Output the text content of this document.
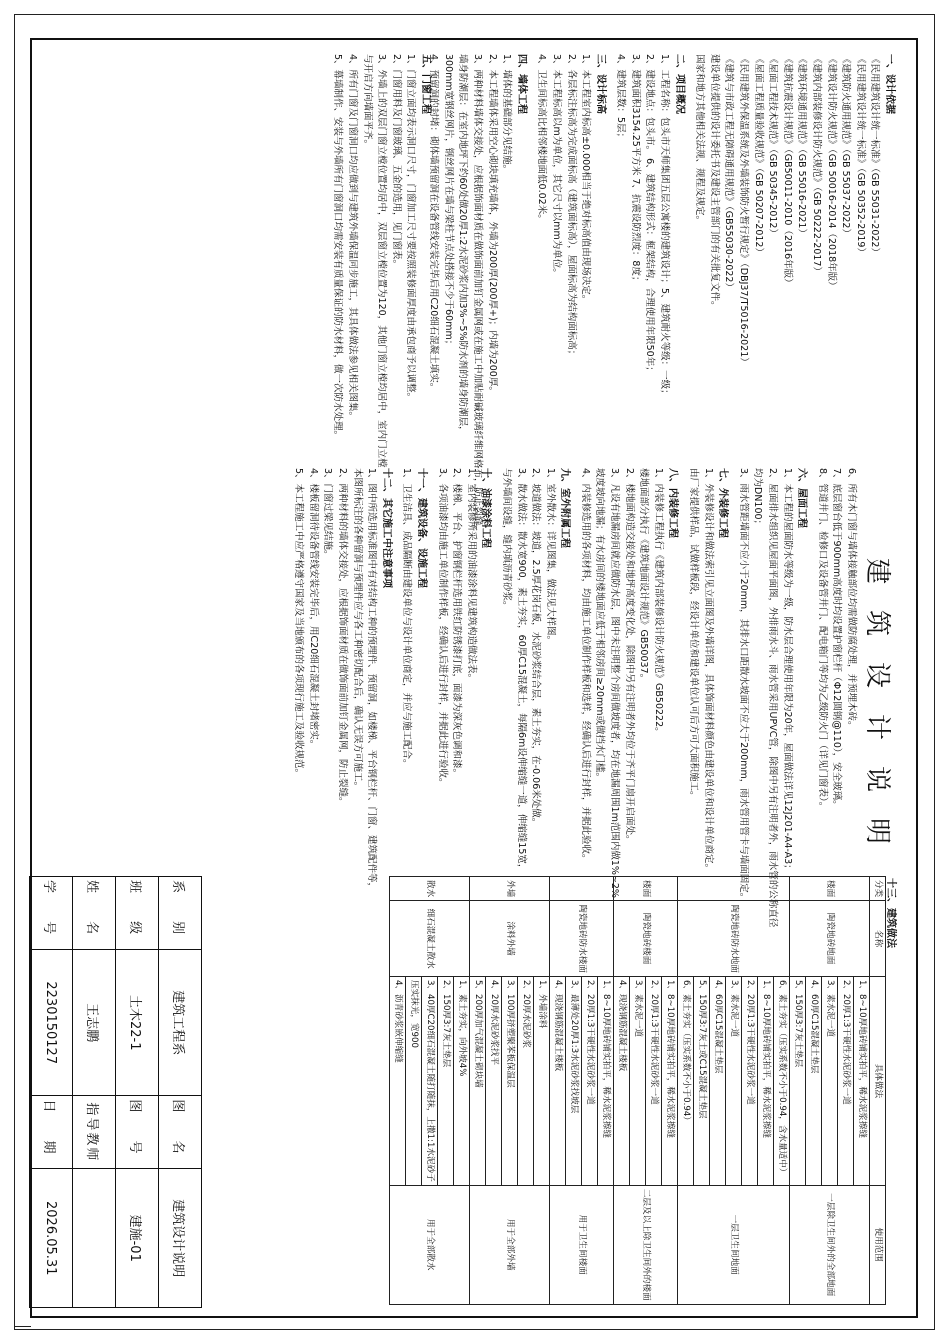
建筑设计说明

一、设计依据

《民用建筑设计统一标准》（GB 55031-2022）

《民用建筑设计统一标准》（GB 50352-2019）

《建筑防火通用规范》（GB 55037-2022）

《建筑设计防火规范》（GB 50016-2014（2018年版）

《建筑内部装修设计防火规范》（GB 50222-2017）

《建筑环境通用规范》（GB 55016-2021）

《建筑抗震设计规范》（GB50011-2010（2016年版）

《屋面工程技术规范》（GB 50345-2012）

《屋面工程质量验收规范》（GB 50207-2012）

《民用建筑外保温系统及外墙装饰防火暂行规定》（DBJ37/T5016-2021）

《建筑与市政工程无障碍通用规范》（GB55030-2022）

建设单位提供的设计委托书及建设主管部门的有关批复文件。

国家和地方其他相关法规、规程及规定。

二、项目概况

1、工程名称：包头市天师集团五层公寓楼的建筑设计；5、建筑耐火等级：一级；

2、建设地点：包头市。 6、建筑结构形式：框架结构，合理使用年限50年；

3、建筑面积3154.25平方米 7、抗震设防烈度：8度；

4、建筑层数：5层；

三、设计标高

1、本工程室内标高±0.000相当于绝对标高值由现场决定。

2、各层标注标高为完成面标高（建筑面标高），屋面标高为结构面标高；

3、本工程标高以m为单位，其它尺寸以mm为单位。

4、卫生间标高比相邻楼地面低0.02米。

四、墙体工程

1、墙体的基础部分见结施。

2、本工程墙体采用空心砌块填充墙体，外墙为200厚(200厚+)；内墙为200厚。

3、两种材料墙体交接处，应根据饰面材质在做饰面前加钉金属网或在施工中加贴耐碱玻璃纤维网格布，防止裂缝。

墙身防潮层：在室内地坪下约60处做20厚1:2水泥砂浆内加3%~5%防水剂的墙身防潮层，

300mm宽钢丝网片，钢丝网片在墙与梁柱节点处搭接不少于60mm；

4、预留洞的封堵：砌体墙预留洞在设备管线安装完毕后用C20细石混凝土填实。

五、门窗工程

1、门窗立面均表示洞口尺寸，门窗加工尺寸要按照装修面厚度由承包商予以调整。

2、门窗用料及门窗玻璃、五金的选用，见门窗表。

3、外墙上的双层门窗立樘位置均居中，双层窗立樘位置为120，其他门窗立樘均居中，室内门立樘

与开启方向墙面平齐。

4、所有门窗及门窗洞口均应做到与建筑外墙保温同步施工，其具体做法参见相关图集。

5、幕墙制作、安装与外墙所有门窗洞口均需安装有质量保证的防水材料，做一次防水处理。

6、所有木门窗与墙体接触部位均需做防腐处理，并预埋木砖。

7、底层窗台低于900mm高度时均设置护窗栏杆（Φ12圆钢@110），安全玻璃。

8、管道井门、检修口及设备管井门、配电箱门等均为乙级防火门（详见门窗表）。

六、屋面工程

1、本工程的屋面防水等级为一级，防水层合理使用年限为20年，屋面做法详见12J201-A4-A3；

2、屋面排水组织见屋面平面图，外排雨水斗、雨水管采用UPVC管，除图中另有注明者外，雨水管的公称直径

均为DN100；

3、雨水管距墙面不应小于20mm，其排水口距散水坡面不应大于200mm，雨水管用管卡与墙面固定。

七、外装修工程

1、外装修设计和做法索引见立面图及外墙详图，具体饰面材料颜色由建设单位和设计单位商定。

由厂家提供样品，试做样板段，经设计单位和建设单位认可后方可大面积施工。

八、内装修工程

1、内装修工程执行《建筑内部装修设计防火规范》GB50222。

楼地面部分执行《建筑地面设计规范》GB50037。

2、楼地面构造交接处和地坪高度变化处，除图中另有注明者外均位于齐平门扇开启面处。

3、凡设有地漏房间就应做防水层，图中未注明整个房间做坡度者，均在地漏周围1m范围内做1%~2%

坡度坡向地漏；有水房间的楼地面应低于相邻房间≥20mm或做挡水门槛。

4、内装修选用的各项材料，均由施工单位制作样板和选样，经确认后进行封样，并据此验收。

九、室外附属工程

1、室外散水：详见图集，做法见大样图。

2、坡道做法：坡道，2.5厚花岗石板，水泥砂浆结合层，素土夯实，在-0.06米处做。

3、散水做法：散水宽900，素土夯实，60厚C15混凝土，每隔6m设伸缩缝一道，伸缩缝15宽，

与外墙间设缝，缝内填沥青砂浆。

十、油漆涂料工程

1、室内装修所采用的油漆涂料见建筑构造做法表。

2、楼梯、平台、护窗钢栏杆选用铁红防锈漆打底，面漆为深灰色调和漆。

3、各项油漆均由施工单位制作样板，经确认后进行封样，并据此进行验收。

十一、建筑设备、设施工程

1、卫生洁具、成品隔断由建设单位与设计单位商定，并应与施工配合。

十二、其它施工中注意事项

1、图中所选用标准图中有对结构工种的预埋件、预留洞，如楼梯、平台钢栏杆、门窗、建筑配件等，

本图所标注的各种留洞与预埋件应与各工种密切配合后，确认无误方可施工。

2、两种材料的墙体交接处，应根据饰面材质在做饰面前加钉金属网，防止裂缝。

3、门窗过梁见结施。

4、楼板留洞待设备管线安装完毕后，用C20细石混凝土封堵密实。

5、本工程施工中应严格遵守国家及当地颁布的各项现行施工及验收规范。

十三、建筑做法
分类	名称	具体做法	使用范围
楼面	陶瓷地砖地面	1、8~10厚地砖铺实拍平，稀水泥浆擦缝	一层除卫生间外的全部地面
		2、20厚1:3干硬性水泥砂浆一道	
		3、素水泥一道	
		4、60厚C15混凝土垫层	
		5、150厚3:7灰土垫层	
	陶瓷地砖防水地面	6、素土夯实（压实系数不小于0.94，含水量适中）	一层卫生间地面
		1、8~10厚地砖铺实拍平，稀水泥浆擦缝	
		2、20厚1:3干硬性水泥砂浆一道	
		3、素水泥一道	
		4、60厚C15混凝土垫层	
		5、150厚3:7灰土或C15混凝土垫层	
		6、素土夯实（压实系数不小于0.94）	
楼面	陶瓷地砖楼面	1、8~10厚地砖铺实拍平，稀水泥浆擦缝	二层及以上除卫生间外的楼面
		2、20厚1:3干硬性水泥砂浆一道	
		3、素水泥一道	
		4、现浇钢筋混凝土楼板	
	陶瓷地砖防水楼面	1、8~10厚地砖铺实拍平，稀水泥浆擦缝	用于卫生间楼面
		2、20厚1:3干硬性水泥砂浆一道	
		3、最薄处20厚1:3水泥砂浆找坡层	
		4、现浇钢筋混凝土楼板	
外墙	涂料外墙	1、外墙涂料	用于全部外墙
		2、20厚水泥砂浆	
		3、100厚挤塑聚苯板保温层	
		4、20厚水泥砂浆找平	
		5、200厚加气混凝土砌块墙	
散水	细石混凝土散水	1、素土夯实，向外坡4%	用于全部散水
		2、150厚3:7灰土垫层	
		3、40厚C20细石混凝土随打随抹，上撒1:1水泥砂子	
		压实抹光，宽900	
		4、沥青砂浆嵌伸缩缝	
系 别	建筑工程系	图 名	建筑设计说明
班 级	土木22-1	图 号	建施-01
姓 名	王志鹏	指导教师	
学 号	2230150127	日 期	2026.05.31
